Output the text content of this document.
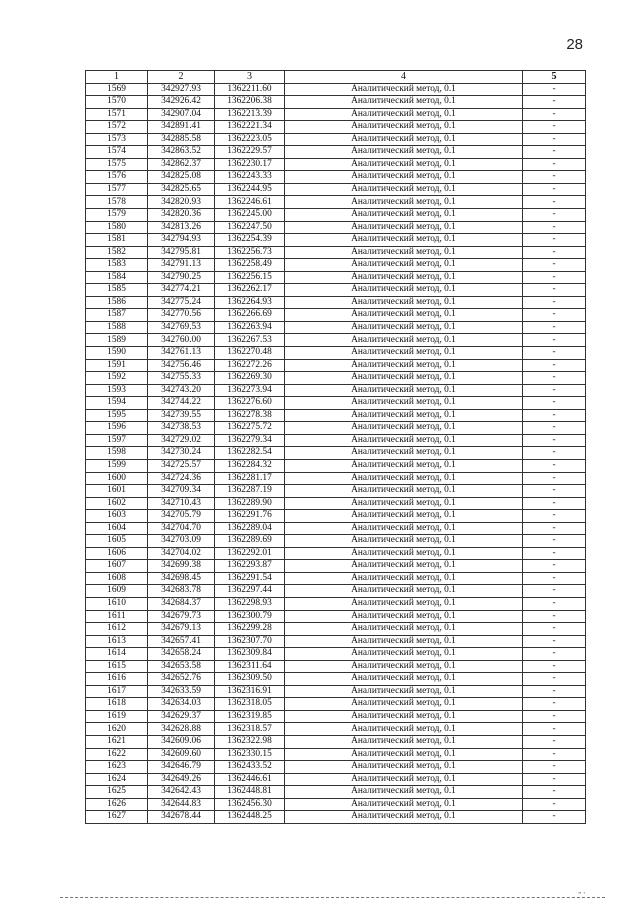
28
1	2	3	4	5
1569	342927.93	1362211.60	Аналитический метод, 0.1	-
1570	342926.42	1362206.38	Аналитический метод, 0.1	-
1571	342907.04	1362213.39	Аналитический метод, 0.1	-
1572	342891.41	1362221.34	Аналитический метод, 0.1	-
1573	342885.58	1362223.05	Аналитический метод, 0.1	-
1574	342863.52	1362229.57	Аналитический метод, 0.1	-
1575	342862.37	1362230.17	Аналитический метод, 0.1	-
1576	342825.08	1362243.33	Аналитический метод, 0.1	-
1577	342825.65	1362244.95	Аналитический метод, 0.1	-
1578	342820.93	1362246.61	Аналитический метод, 0.1	-
1579	342820.36	1362245.00	Аналитический метод, 0.1	-
1580	342813.26	1362247.50	Аналитический метод, 0.1	-
1581	342794.93	1362254.39	Аналитический метод, 0.1	-
1582	342795.81	1362256.73	Аналитический метод, 0.1	-
1583	342791.13	1362258.49	Аналитический метод, 0.1	-
1584	342790.25	1362256.15	Аналитический метод, 0.1	-
1585	342774.21	1362262.17	Аналитический метод, 0.1	-
1586	342775.24	1362264.93	Аналитический метод, 0.1	-
1587	342770.56	1362266.69	Аналитический метод, 0.1	-
1588	342769.53	1362263.94	Аналитический метод, 0.1	-
1589	342760.00	1362267.53	Аналитический метод, 0.1	-
1590	342761.13	1362270.48	Аналитический метод, 0.1	-
1591	342756.46	1362272.26	Аналитический метод, 0.1	-
1592	342755.33	1362269.30	Аналитический метод, 0.1	-
1593	342743.20	1362273.94	Аналитический метод, 0.1	-
1594	342744.22	1362276.60	Аналитический метод, 0.1	-
1595	342739.55	1362278.38	Аналитический метод, 0.1	-
1596	342738.53	1362275.72	Аналитический метод, 0.1	-
1597	342729.02	1362279.34	Аналитический метод, 0.1	-
1598	342730.24	1362282.54	Аналитический метод, 0.1	-
1599	342725.57	1362284.32	Аналитический метод, 0.1	-
1600	342724.36	1362281.17	Аналитический метод, 0.1	-
1601	342709.34	1362287.19	Аналитический метод, 0.1	-
1602	342710.43	1362289.90	Аналитический метод, 0.1	-
1603	342705.79	1362291.76	Аналитический метод, 0.1	-
1604	342704.70	1362289.04	Аналитический метод, 0.1	-
1605	342703.09	1362289.69	Аналитический метод, 0.1	-
1606	342704.02	1362292.01	Аналитический метод, 0.1	-
1607	342699.38	1362293.87	Аналитический метод, 0.1	-
1608	342698.45	1362291.54	Аналитический метод, 0.1	-
1609	342683.78	1362297.44	Аналитический метод, 0.1	-
1610	342684.37	1362298.93	Аналитический метод, 0.1	-
1611	342679.73	1362300.79	Аналитический метод, 0.1	-
1612	342679.13	1362299.28	Аналитический метод, 0.1	-
1613	342657.41	1362307.70	Аналитический метод, 0.1	-
1614	342658.24	1362309.84	Аналитический метод, 0.1	-
1615	342653.58	1362311.64	Аналитический метод, 0.1	-
1616	342652.76	1362309.50	Аналитический метод, 0.1	-
1617	342633.59	1362316.91	Аналитический метод, 0.1	-
1618	342634.03	1362318.05	Аналитический метод, 0.1	-
1619	342629.37	1362319.85	Аналитический метод, 0.1	-
1620	342628.88	1362318.57	Аналитический метод, 0.1	-
1621	342609.06	1362322.98	Аналитический метод, 0.1	-
1622	342609.60	1362330.15	Аналитический метод, 0.1	-
1623	342646.79	1362433.52	Аналитический метод, 0.1	-
1624	342649.26	1362446.61	Аналитический метод, 0.1	-
1625	342642.43	1362448.81	Аналитический метод, 0.1	-
1626	342644.83	1362456.30	Аналитический метод, 0.1	-
1627	342678.44	1362448.25	Аналитический метод, 0.1	-
” ’
